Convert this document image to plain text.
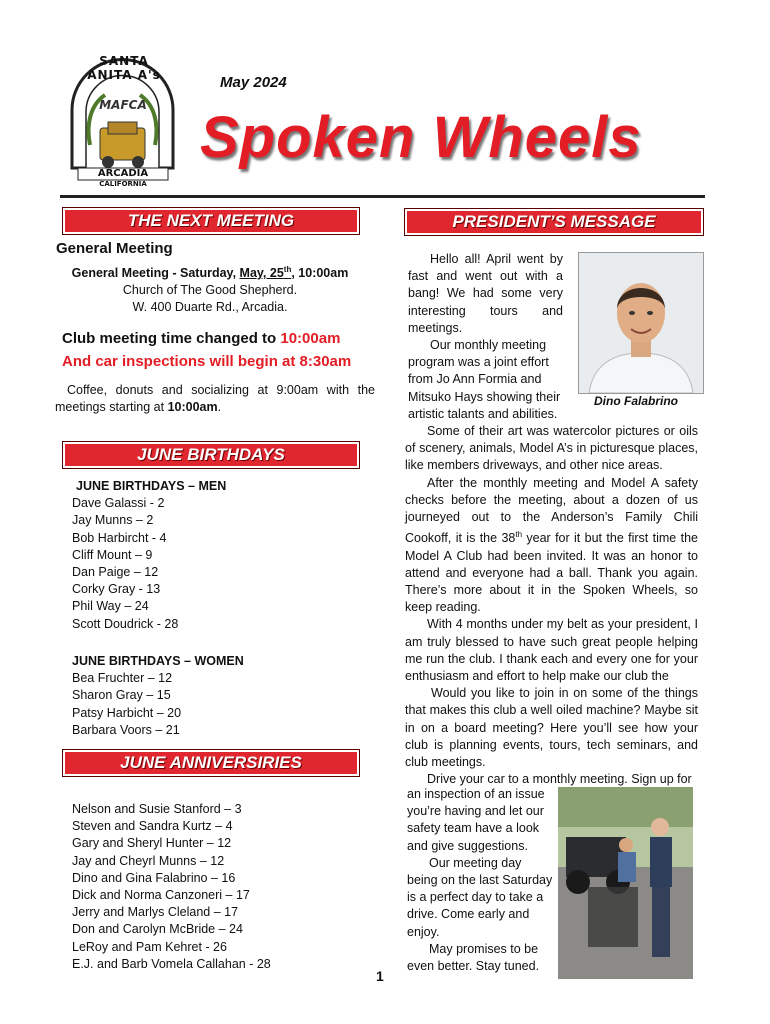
SANTA ANITA A's
MAFCA
ARCADIA
CALIFORNIA
May 2024
Spoken Wheels
THE NEXT MEETING
General Meeting
General Meeting - Saturday, May, 25th, 10:00am
Church of The Good Shepherd.
W. 400 Duarte Rd., Arcadia.
Club meeting time changed to 10:00am
And car inspections will begin at 8:30am
Coffee, donuts and socializing at 9:00am with the meetings starting at 10:00am.
JUNE BIRTHDAYS
JUNE BIRTHDAYS – MEN
Dave Galassi - 2
Jay Munns – 2
Bob Harbircht - 4
Cliff Mount – 9
Dan Paige – 12
Corky Gray - 13
Phil Way – 24
Scott Doudrick - 28
JUNE BIRTHDAYS – WOMEN
Bea Fruchter – 12
Sharon Gray – 15
Patsy Harbicht – 20
Barbara Voors – 21
JUNE ANNIVERSIRIES
Nelson and Susie Stanford – 3
Steven and Sandra Kurtz – 4
Gary and Sheryl Hunter – 12
Jay and Cheyrl Munns – 12
Dino and Gina Falabrino – 16
Dick and Norma Canzoneri – 17
Jerry and Marlys Cleland – 17
Don and Carolyn McBride – 24
LeRoy and Pam Kehret - 26
E.J. and Barb Vomela Callahan - 28
1
PRESIDENT’S MESSAGE
Dino Falabrino
Hello all! April went by
fast and went out with a
bang! We had some very
interesting tours and
meetings.
Our monthly meeting
program was a joint effort
from Jo Ann Formia and
Mitsuko Hays showing their
artistic talants and abilities.

Some of their art was watercolor pictures or oils of scenery, animals, Model A’s in picturesque places, like members driveways, and other nice areas.

After the monthly meeting and Model A safety checks before the meeting, about a dozen of us journeyed out to the Anderson’s Family Chili Cookoff, it is the 38th year for it but the first time the Model A Club had been invited. It was an honor to attend and everyone had a ball. Thank you again. There’s more about it in the Spoken Wheels, so keep reading.

With 4 months under my belt as your president, I am truly blessed to have such great people helping me run the club. I thank each and every one for your enthusiasm and effort to help make our club the

Would you like to join in on some of the things that makes this club a well oiled machine? Maybe sit in on a board meeting? Here you’ll see how your club is planning events, tours, tech seminars, and club meetings.

Drive your car to a monthly meeting. Sign up for

an inspection of an issue
you’re having and let our
safety team have a look
and give suggestions.
Our meeting day
being on the last Saturday
is a perfect day to take a
drive. Come early and
enjoy.
May promises to be
even better. Stay tuned.
